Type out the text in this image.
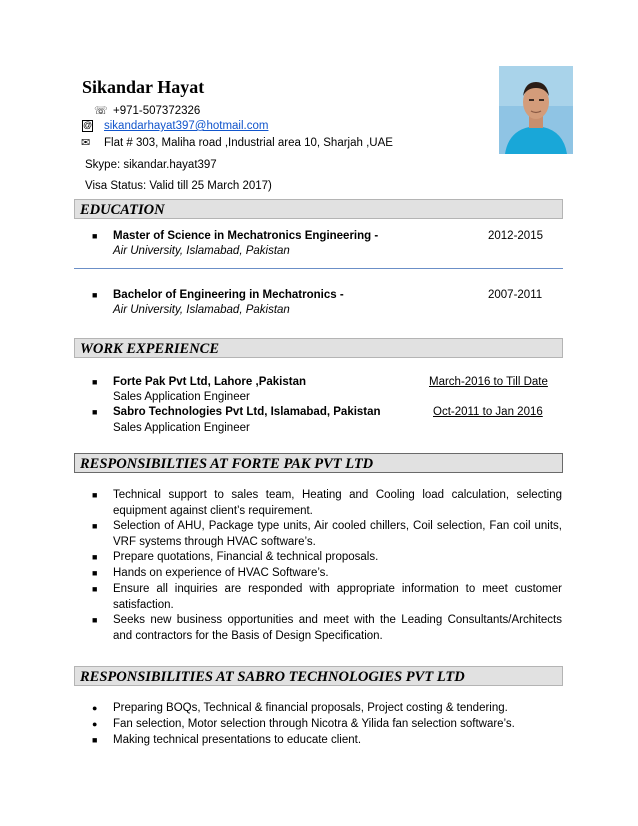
Sikandar Hayat
☏ +971-507372326
@ sikandarhayat397@hotmail.com
✉ Flat # 303, Maliha road ,Industrial area 10, Sharjah ,UAE
Skype: sikandar.hayat397
Visa Status: Valid till 25 March 2017)
EDUCATION
■ Master of Science in Mechatronics Engineering -
Air University, Islamabad, Pakistan
2012-2015
■ Bachelor of Engineering in Mechatronics -
Air University, Islamabad, Pakistan
2007-2011
WORK EXPERIENCE
■ Forte Pak Pvt Ltd, Lahore ,Pakistan
Sales Application Engineer
March-2016 to Till Date
■ Sabro Technologies Pvt Ltd, Islamabad, Pakistan
Sales Application Engineer
Oct-2011 to Jan 2016
RESPONSIBILTIES AT FORTE PAK PVT LTD
■ Technical support to sales team, Heating and Cooling load calculation, selecting equipment against client’s requirement.
■ Selection of AHU, Package type units, Air cooled chillers, Coil selection, Fan coil units, VRF systems through HVAC software’s.
■ Prepare quotations, Financial & technical proposals.
■ Hands on experience of HVAC Software’s.
■ Ensure all inquiries are responded with appropriate information to meet customer satisfaction.
■ Seeks new business opportunities and meet with the Leading Consultants/Architects and contractors for the Basis of Design Specification.
RESPONSIBILITIES AT SABRO TECHNOLOGIES PVT LTD
● Preparing BOQs, Technical & financial proposals, Project costing & tendering.
● Fan selection, Motor selection through Nicotra & Yilida fan selection software’s.
■ Making technical presentations to educate client.
